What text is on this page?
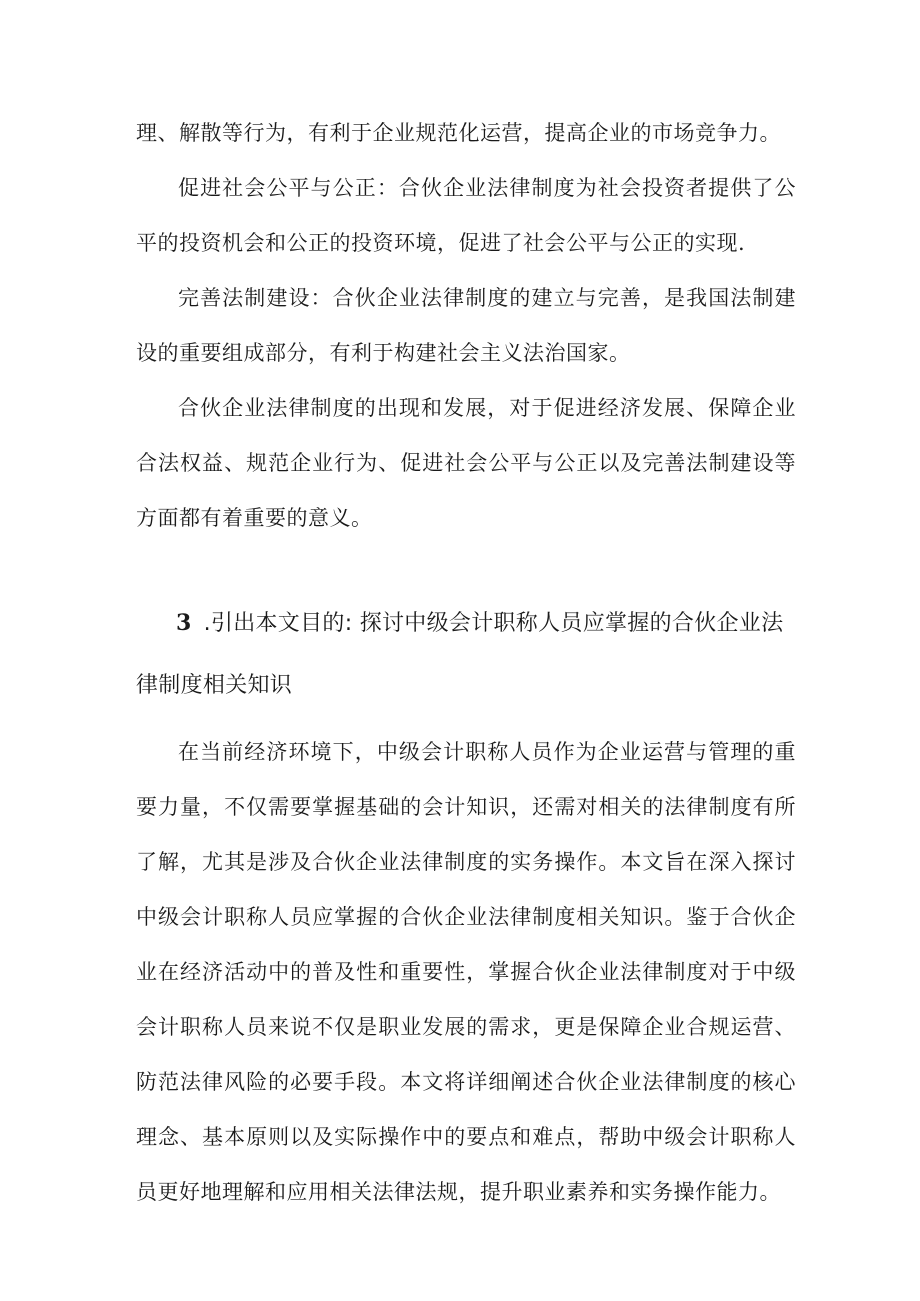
理、解散等行为，有利于企业规范化运营，提高企业的市场竞争力。

促进社会公平与公正：合伙企业法律制度为社会投资者提供了公平的投资机会和公正的投资环境，促进了社会公平与公正的实现.

完善法制建设：合伙企业法律制度的建立与完善，是我国法制建设的重要组成部分，有利于构建社会主义法治国家。

合伙企业法律制度的出现和发展，对于促进经济发展、保障企业合法权益、规范企业行为、促进社会公平与公正以及完善法制建设等方面都有着重要的意义。

3 .引出本文目的: 探讨中级会计职称人员应掌握的合伙企业法律制度相关知识

在当前经济环境下，中级会计职称人员作为企业运营与管理的重要力量，不仅需要掌握基础的会计知识，还需对相关的法律制度有所了解，尤其是涉及合伙企业法律制度的实务操作。本文旨在深入探讨中级会计职称人员应掌握的合伙企业法律制度相关知识。鉴于合伙企业在经济活动中的普及性和重要性，掌握合伙企业法律制度对于中级会计职称人员来说不仅是职业发展的需求，更是保障企业合规运营、防范法律风险的必要手段。本文将详细阐述合伙企业法律制度的核心理念、基本原则以及实际操作中的要点和难点，帮助中级会计职称人员更好地理解和应用相关法律法规，提升职业素养和实务操作能力。
